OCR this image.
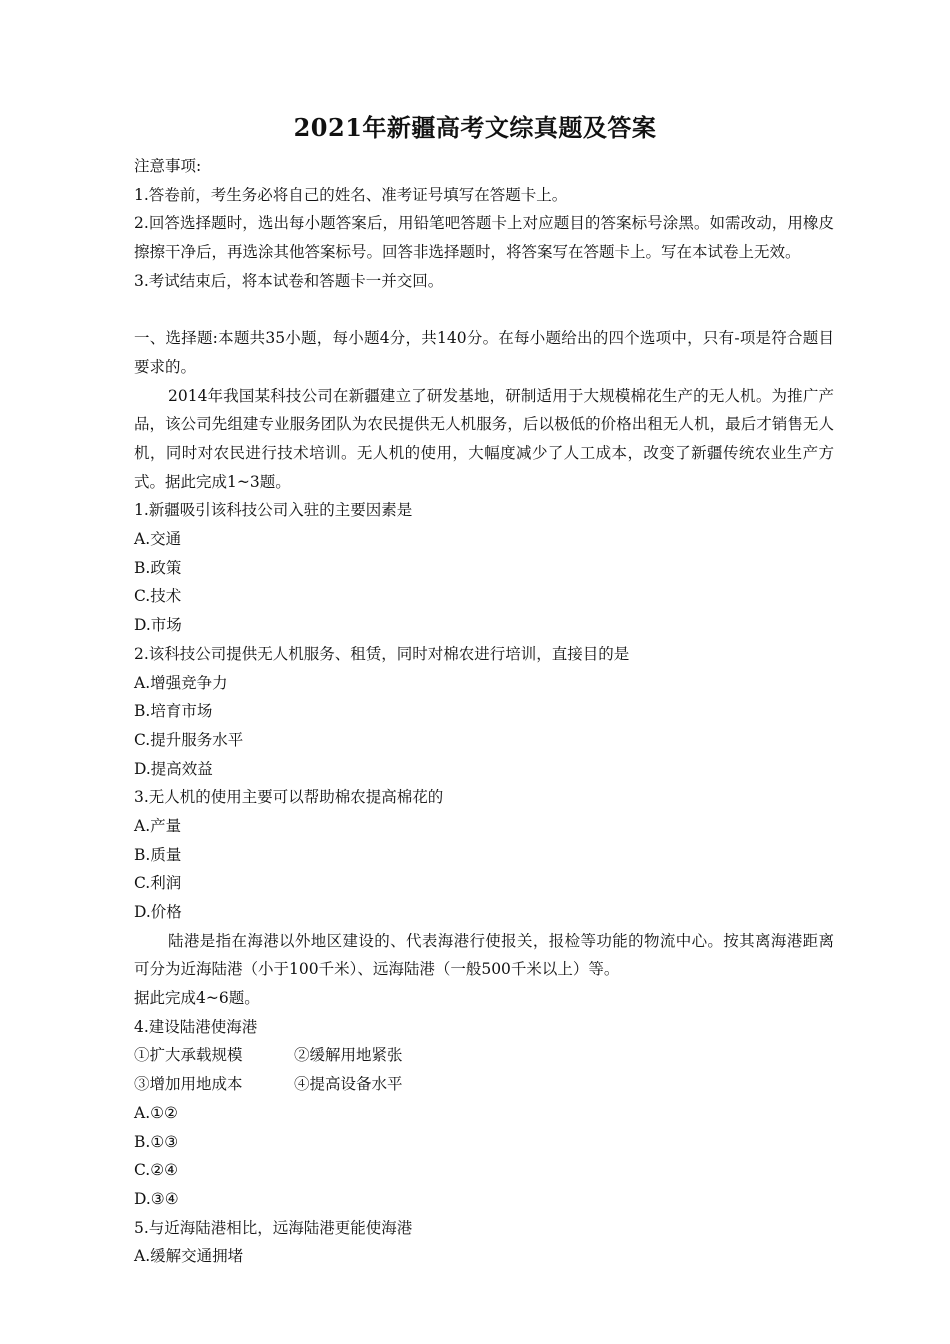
2021年新疆高考文综真题及答案
注意事项:
1.答卷前，考生务必将自己的姓名、准考证号填写在答题卡上。
2.回答选择题时，选出每小题答案后，用铅笔吧答题卡上对应题目的答案标号涂黑。如需改动，用橡皮擦擦干净后，再选涂其他答案标号。回答非选择题时，将答案写在答题卡上。写在本试卷上无效。
3.考试结束后，将本试卷和答题卡一并交回。
一、选择题:本题共35小题，每小题4分，共140分。在每小题给出的四个选项中，只有-项是符合题目要求的。
2014年我国某科技公司在新疆建立了研发基地，研制适用于大规模棉花生产的无人机。为推广产品，该公司先组建专业服务团队为农民提供无人机服务，后以极低的价格出租无人机，最后才销售无人机，同时对农民进行技术培训。无人机的使用，大幅度减少了人工成本，改变了新疆传统农业生产方式。据此完成1~3题。
1.新疆吸引该科技公司入驻的主要因素是
A.交通
B.政策
C.技术
D.市场
2.该科技公司提供无人机服务、租赁，同时对棉农进行培训，直接目的是
A.增强竞争力
B.培育市场
C.提升服务水平
D.提高效益
3.无人机的使用主要可以帮助棉农提高棉花的
A.产量
B.质量
C.利润
D.价格
陆港是指在海港以外地区建设的、代表海港行使报关，报检等功能的物流中心。按其离海港距离可分为近海陆港（小于100千米）、远海陆港（一般500千米以上）等。
据此完成4~6题。
4.建设陆港使海港
①扩大承载规模	②缓解用地紧张
③增加用地成本	④提高设备水平
A.①②
B.①③
C.②④
D.③④
5.与近海陆港相比，远海陆港更能使海港
A.缓解交通拥堵
